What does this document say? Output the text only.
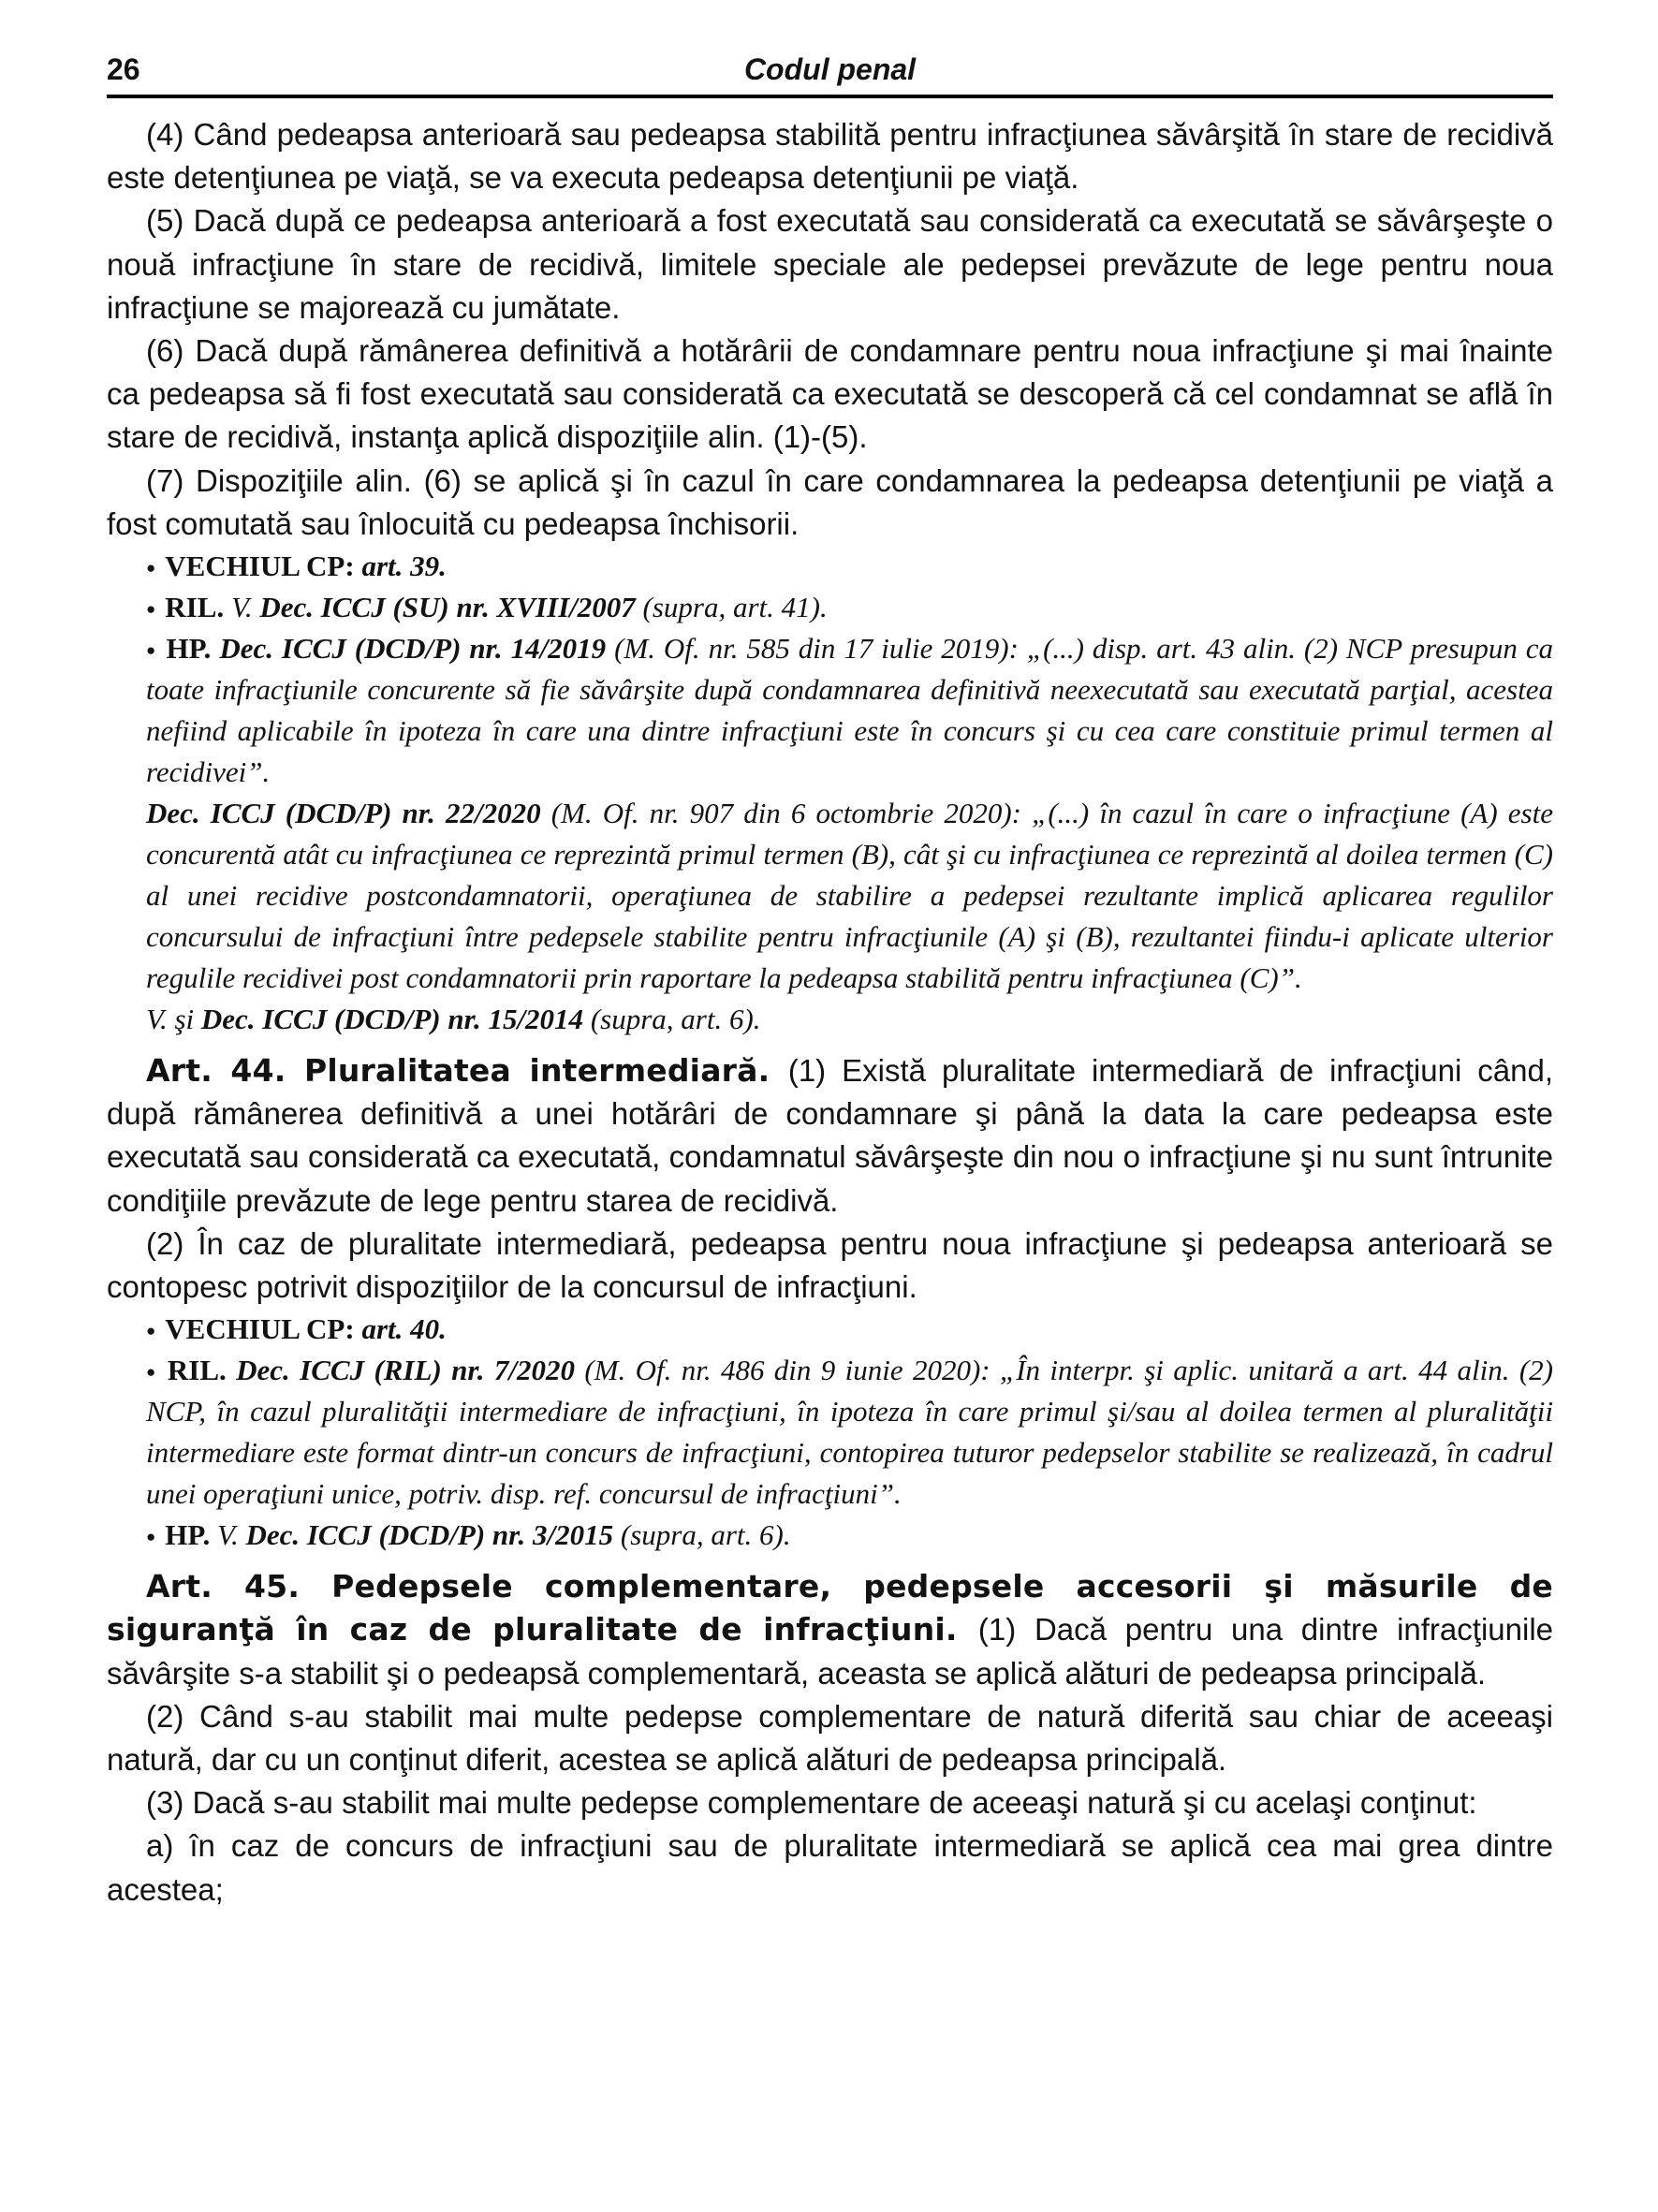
26	Codul penal

(4) Când pedeapsa anterioară sau pedeapsa stabilită pentru infracţiunea săvârşită în stare de recidivă este detenţiunea pe viaţă, se va executa pedeapsa detenţiunii pe viaţă.

(5) Dacă după ce pedeapsa anterioară a fost executată sau considerată ca executată se săvârşeşte o nouă infracţiune în stare de recidivă, limitele speciale ale pedepsei prevăzute de lege pentru noua infracţiune se majorează cu jumătate.

(6) Dacă după rămânerea definitivă a hotărârii de condamnare pentru noua infracţiune şi mai înainte ca pedeapsa să fi fost executată sau considerată ca executată se descoperă că cel condamnat se află în stare de recidivă, instanţa aplică dispoziţiile alin. (1)-(5).

(7) Dispoziţiile alin. (6) se aplică şi în cazul în care condamnarea la pedeapsa detenţiunii pe viaţă a fost comutată sau înlocuită cu pedeapsa închisorii.

● VECHIUL CP: art. 39.

● RIL. V. Dec. ICCJ (SU) nr. XVIII/2007 (supra, art. 41).

● HP. Dec. ICCJ (DCD/P) nr. 14/2019 (M. Of. nr. 585 din 17 iulie 2019): „(...) disp. art. 43 alin. (2) NCP presupun ca toate infracţiunile concurente să fie săvârşite după condamnarea definitivă neexecutată sau executată parţial, acestea nefiind aplicabile în ipoteza în care una dintre infracţiuni este în concurs şi cu cea care constituie primul termen al recidivei”.

Dec. ICCJ (DCD/P) nr. 22/2020 (M. Of. nr. 907 din 6 octombrie 2020): „(...) în cazul în care o infracţiune (A) este concurentă atât cu infracţiunea ce reprezintă primul termen (B), cât şi cu infracţiunea ce reprezintă al doilea termen (C) al unei recidive postcondamnatorii, operaţiunea de stabilire a pedepsei rezultante implică aplicarea regulilor concursului de infracţiuni între pedepsele stabilite pentru infracţiunile (A) şi (B), rezultantei fiindu-i aplicate ulterior regulile recidivei post condamnatorii prin raportare la pedeapsa stabilită pentru infracţiunea (C)”.

V. şi Dec. ICCJ (DCD/P) nr. 15/2014 (supra, art. 6).

Art. 44. Pluralitatea intermediară. (1) Există pluralitate intermediară de infracţiuni când, după rămânerea definitivă a unei hotărâri de condamnare şi până la data la care pedeapsa este executată sau considerată ca executată, condamnatul săvârşeşte din nou o infracţiune şi nu sunt întrunite condiţiile prevăzute de lege pentru starea de recidivă.

(2) În caz de pluralitate intermediară, pedeapsa pentru noua infracţiune şi pedeapsa anterioară se contopesc potrivit dispoziţiilor de la concursul de infracţiuni.

● VECHIUL CP: art. 40.

● RIL. Dec. ICCJ (RIL) nr. 7/2020 (M. Of. nr. 486 din 9 iunie 2020): „În interpr. şi aplic. unitară a art. 44 alin. (2) NCP, în cazul pluralităţii intermediare de infracţiuni, în ipoteza în care primul şi/sau al doilea termen al pluralităţii intermediare este format dintr-un concurs de infracţiuni, contopirea tuturor pedepselor stabilite se realizează, în cadrul unei operaţiuni unice, potriv. disp. ref. concursul de infracţiuni”.

● HP. V. Dec. ICCJ (DCD/P) nr. 3/2015 (supra, art. 6).

Art. 45. Pedepsele complementare, pedepsele accesorii şi măsurile de siguranţă în caz de pluralitate de infracţiuni. (1) Dacă pentru una dintre infracţiunile săvârşite s-a stabilit şi o pedeapsă complementară, aceasta se aplică alături de pedeapsa principală.

(2) Când s-au stabilit mai multe pedepse complementare de natură diferită sau chiar de aceeaşi natură, dar cu un conţinut diferit, acestea se aplică alături de pedeapsa principală.

(3) Dacă s-au stabilit mai multe pedepse complementare de aceeaşi natură şi cu acelaşi conţinut:

a) în caz de concurs de infracţiuni sau de pluralitate intermediară se aplică cea mai grea dintre acestea;
